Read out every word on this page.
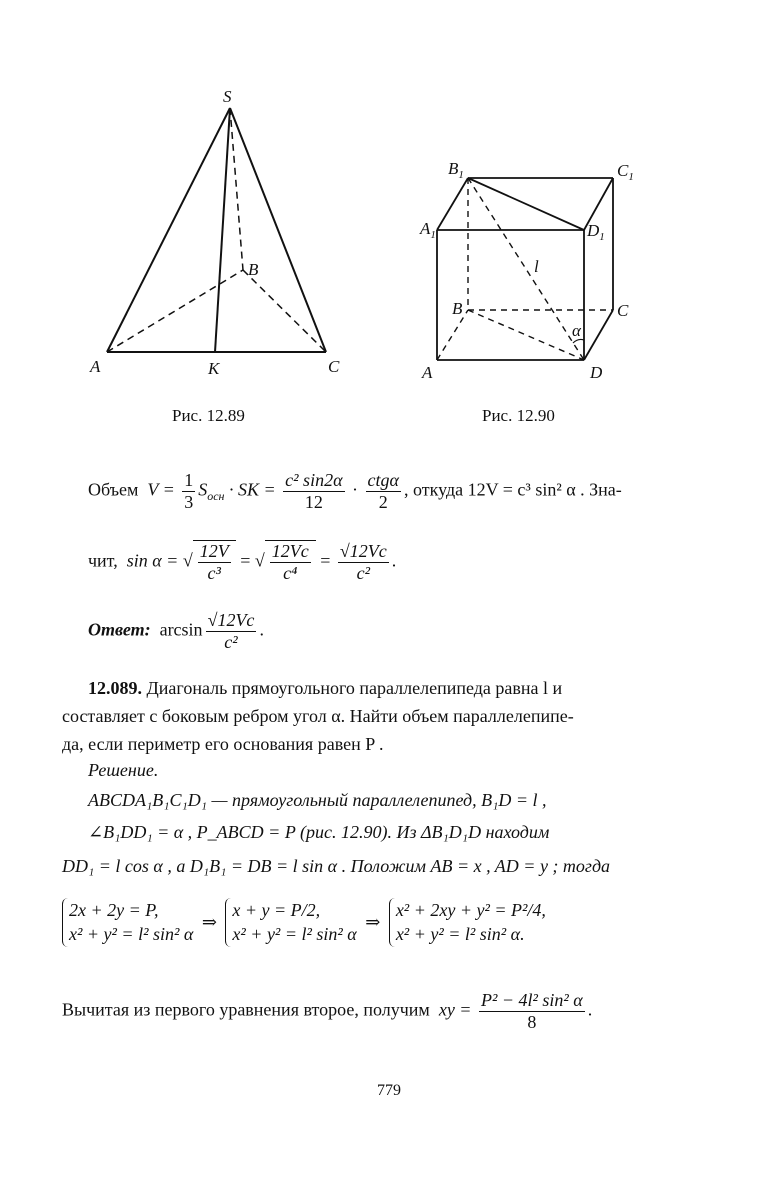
S
B
A	K	C
Рис. 12.89
$B_1$	$C_1$
$A_1$	$D_1$
l
B	C
α
A	D
Рис. 12.90
Объем $V = \frac{1}{3} S_{осн}$ · SK = $\frac{\text{c² sin2α}}{12} \cdot \frac{\text{ctgα}}{2}$ , откуда 12V = c³ sin² α . Зна-
чит, sin α = √ $\frac{12V}{\text{c³}}$ = √ $\frac{12Vc}{\text{c⁴}} = \frac{√12Vc}{\text{c²}}$ .
Ответ: $\arcsin \frac{√12Vc}{\text{c²}}$ .
12.089. Диагональ прямоугольного параллелепипеда равна l и
составляет с боковым ребром угол α. Найти объем параллелепипе-
да, если периметр его основания равен P .
Решение.
ABCDA₁B₁C₁D₁ — прямоугольный параллелепипед, B₁D = l ,
∠B₁DD₁ = α , P_ABCD = P (рис. 12.90). Из ΔB₁D₁D находим
DD₁ = l cos α , а D₁B₁ = DB = l sin α . Положим AB = x , AD = y ; тогда
2x + 2y = P,
x² + y² = l² sin² α ⇒ x + y = P/2,
x² + y² = l² sin² α ⇒ x² + 2xy + y² = P²/4,
x² + y² = l² sin² α.
Вычитая из первого уравнения второе, получим xy = $\frac{\text{P² − 4l² sin² α}}{8}$ .
779
